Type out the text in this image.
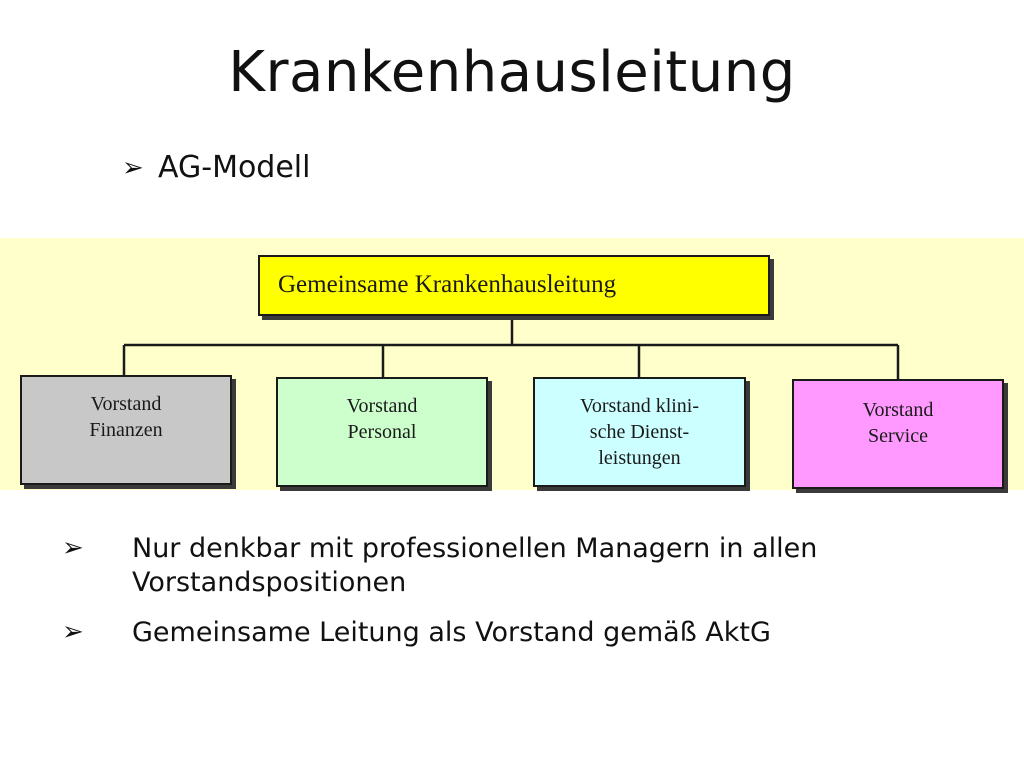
Krankenhausleitung
➢ AG-Modell
Gemeinsame Krankenhausleitung
Vorstand
Finanzen
Vorstand
Personal
Vorstand klini-
sche Dienst-
leistungen
Vorstand
Service
➢	Nur denkbar mit professionellen Managern in allen Vorstandspositionen
➢	Gemeinsame Leitung als Vorstand gemäß AktG
